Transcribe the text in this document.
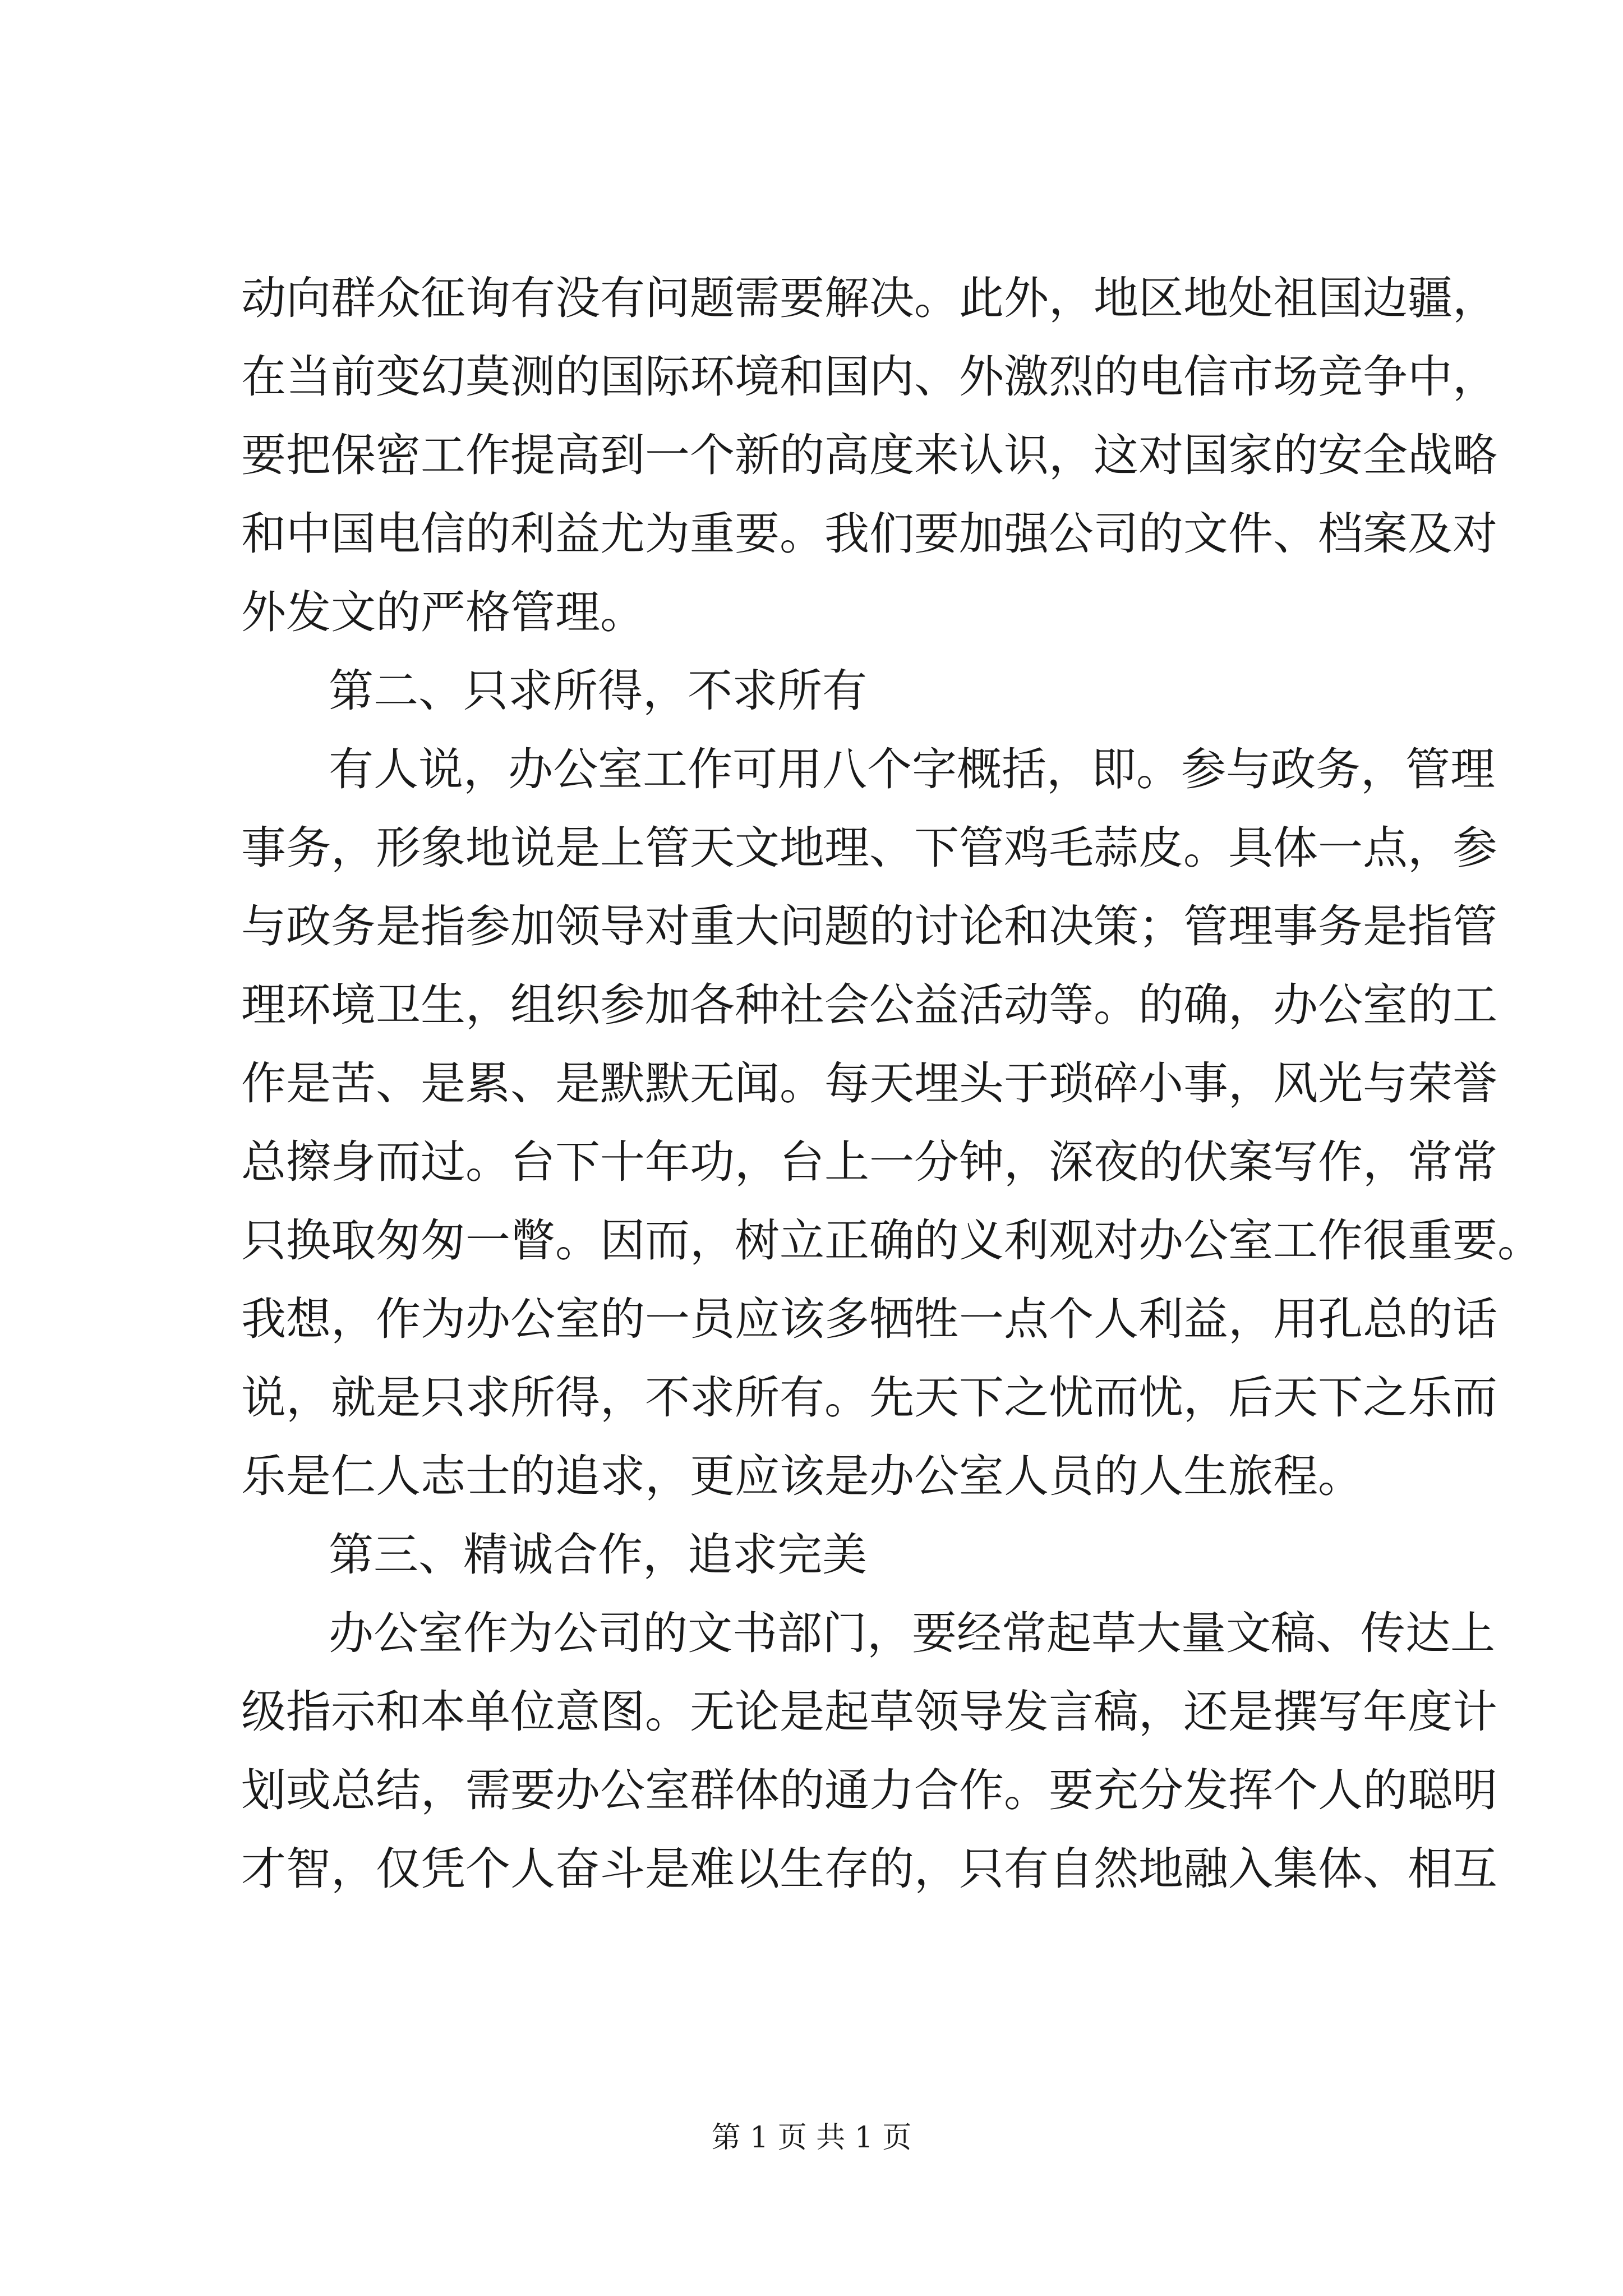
动向群众征询有没有问题需要解决。此外，地区地处祖国边疆，
在当前变幻莫测的国际环境和国内、外激烈的电信市场竞争中，
要把保密工作提高到一个新的高度来认识，这对国家的安全战略
和中国电信的利益尤为重要。我们要加强公司的文件、档案及对
外发文的严格管理。
第二、只求所得，不求所有
有人说，办公室工作可用八个字概括，即。参与政务，管理
事务，形象地说是上管天文地理、下管鸡毛蒜皮。具体一点，参
与政务是指参加领导对重大问题的讨论和决策；管理事务是指管
理环境卫生，组织参加各种社会公益活动等。的确，办公室的工
作是苦、是累、是默默无闻。每天埋头于琐碎小事，风光与荣誉
总擦身而过。台下十年功，台上一分钟，深夜的伏案写作，常常
只换取匆匆一瞥。因而，树立正确的义利观对办公室工作很重要。
我想，作为办公室的一员应该多牺牲一点个人利益，用孔总的话
说，就是只求所得，不求所有。先天下之忧而忧，后天下之乐而
乐是仁人志士的追求，更应该是办公室人员的人生旅程。
第三、精诚合作，追求完美
办公室作为公司的文书部门，要经常起草大量文稿、传达上
级指示和本单位意图。无论是起草领导发言稿，还是撰写年度计
划或总结，需要办公室群体的通力合作。要充分发挥个人的聪明
才智，仅凭个人奋斗是难以生存的，只有自然地融入集体、相互
第 1 页 共 1 页
